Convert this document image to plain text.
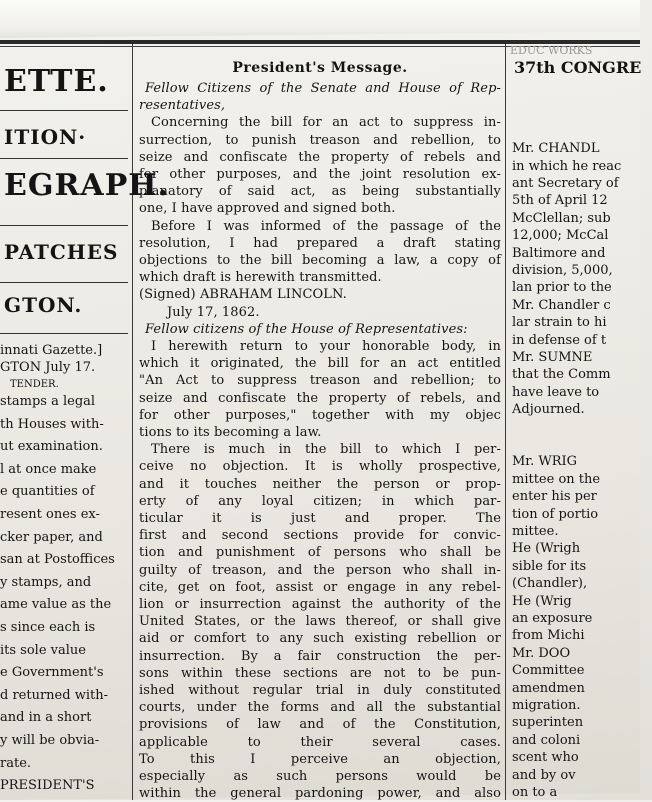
ETTE.
ITION·
EGRAPH.
PATCHES
GTON.
innati Gazette.]
GTON July 17.
TENDER.
stamps a legal
th Houses with-
ut examination.
l at once make
e quantities of
resent ones ex-
cker paper, and
san at Postoffices
y stamps, and
ame value as the
s since each is
its sole value
e Government's
d returned with-
and in a short
y will be obvia-
rate.
PRESIDENT'S
President's Message.
Fellow Citizens of the Senate and House of Rep-
resentatives,
Concerning the bill for an act to suppress in-
surrection, to punish treason and rebellion, to
seize and confiscate the property of rebels and
for other purposes, and the joint resolution ex-
planatory of said act, as being substantially
one, I have approved and signed both.
Before I was informed of the passage of the
resolution, I had prepared a draft stating
objections to the bill becoming a law, a copy of
which draft is herewith transmitted.
(Signed) ABRAHAM LINCOLN.
July 17, 1862.
Fellow citizens of the House of Representatives:
I herewith return to your honorable body, in
which it originated, the bill for an act entitled
"An Act to suppress treason and rebellion; to
seize and confiscate the property of rebels, and
for other purposes," together with my objec
tions to its becoming a law.
There is much in the bill to which I per-
ceive no objection. It is wholly prospective,
and it touches neither the person or prop-
erty of any loyal citizen; in which par-
ticular it is just and proper. The
first and second sections provide for convic-
tion and punishment of persons who shall be
guilty of treason, and the person who shall in-
cite, get on foot, assist or engage in any rebel-
lion or insurrection against the authority of the
United States, or the laws thereof, or shall give
aid or comfort to any such existing rebellion or
insurrection. By a fair construction the per-
sons within these sections are not to be pun-
ished without regular trial in duly constituted
courts, under the forms and all the substantial
provisions of law and of the Constitution,
applicable to their several cases.
To this I perceive an objection,
especially as such persons would be
within the general pardoning power, and also
EDUC WORKS
37th CONGRE
Mr. CHANDL
in which he reac
ant Secretary of
5th of April 12
McClellan; sub
12,000; McCal
Baltimore and
division, 5,000,
lan prior to the
Mr. Chandler c
lar strain to hi
in defense of t
Mr. SUMNE
that the Comm
have leave to
Adjourned.
Mr. WRIG
mittee on the
enter his per
tion of portio
mittee.
He (Wrigh
sible for its
(Chandler),
He (Wrig
an exposure
from Michi
Mr. DOO
Committee
amendmen
migration.
superinten
and coloni
scent who
and by ov
on to a
